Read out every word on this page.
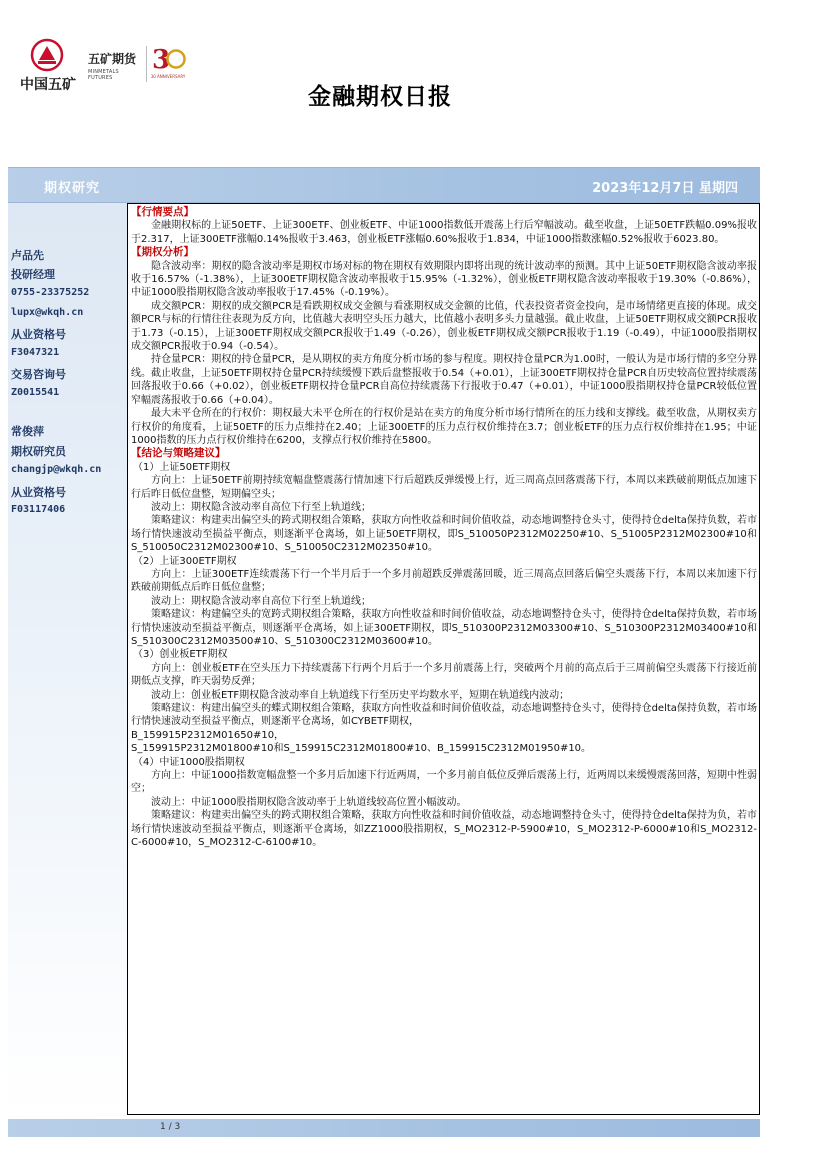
中国五矿
五矿期货
MINMETALS FUTURES
3
30 ANNIVERSARY
金融期权日报
期权研究	2023年12月7日 星期四
卢品先
投研经理
0755-23375252
lupx@wkqh.cn
从业资格号
F3047321
交易咨询号
Z0015541
常俊萍
期权研究员
changjp@wkqh.cn
从业资格号
F03117406

【行情要点】

金融期权标的上证50ETF、上证300ETF、创业板ETF、中证1000指数低开震荡上行后窄幅波动。截至收盘，上证50ETF跌幅0.09%报收于2.317，上证300ETF涨幅0.14%报收于3.463，创业板ETF涨幅0.60%报收于1.834，中证1000指数涨幅0.52%报收于6023.80。

【期权分析】

隐含波动率：期权的隐含波动率是期权市场对标的物在期权有效期限内即将出现的统计波动率的预测。其中上证50ETF期权隐含波动率报收于16.57%（-1.38%），上证300ETF期权隐含波动率报收于15.95%（-1.32%），创业板ETF期权隐含波动率报收于19.30%（-0.86%），中证1000股指期权隐含波动率报收于17.45%（-0.19%）。

成交额PCR：期权的成交额PCR是看跌期权成交金额与看涨期权成交金额的比值，代表投资者资金投向，是市场情绪更直接的体现。成交额PCR与标的行情往往表现为反方向，比值越大表明空头压力越大，比值越小表明多头力量越强。截止收盘，上证50ETF期权成交额PCR报收于1.73（-0.15），上证300ETF期权成交额PCR报收于1.49（-0.26），创业板ETF期权成交额PCR报收于1.19（-0.49），中证1000股指期权成交额PCR报收于0.94（-0.54）。

持仓量PCR：期权的持仓量PCR，是从期权的卖方角度分析市场的参与程度。期权持仓量PCR为1.00时，一般认为是市场行情的多空分界线。截止收盘，上证50ETF期权持仓量PCR持续缓慢下跌后盘整报收于0.54（+0.01），上证300ETF期权持仓量PCR自历史较高位置持续震荡回落报收于0.66（+0.02），创业板ETF期权持仓量PCR自高位持续震荡下行报收于0.47（+0.01），中证1000股指期权持仓量PCR较低位置窄幅震荡报收于0.66（+0.04）。

最大未平仓所在的行权价：期权最大未平仓所在的行权价是站在卖方的角度分析市场行情所在的压力线和支撑线。截至收盘，从期权卖方行权价的角度看，上证50ETF的压力点维持在2.40；上证300ETF的压力点行权价维持在3.7；创业板ETF的压力点行权价维持在1.95；中证1000指数的压力点行权价维持在6200，支撑点行权价维持在5800。

【结论与策略建议】

（1）上证50ETF期权

方向上：上证50ETF前期持续宽幅盘整震荡行情加速下行后超跌反弹缓慢上行，近三周高点回落震荡下行，本周以来跌破前期低点加速下行后昨日低位盘整，短期偏空头；

波动上：期权隐含波动率自高位下行至上轨道线；

策略建议：构建卖出偏空头的跨式期权组合策略，获取方向性收益和时间价值收益，动态地调整持仓头寸，使得持仓delta保持负数，若市场行情快速波动至损益平衡点，则逐渐平仓离场，如上证50ETF期权，即S_510050P2312M02250#10、S_51005P2312M02300#10和S_510050C2312M02300#10、S_510050C2312M02350#10。

（2）上证300ETF期权

方向上：上证300ETF连续震荡下行一个半月后于一个多月前超跌反弹震荡回暖，近三周高点回落后偏空头震荡下行，本周以来加速下行跌破前期低点后昨日低位盘整；

波动上：期权隐含波动率自高位下行至上轨道线；

策略建议：构建偏空头的宽跨式期权组合策略，获取方向性收益和时间价值收益，动态地调整持仓头寸，使得持仓delta保持负数，若市场行情快速波动至损益平衡点，则逐渐平仓离场，如上证300ETF期权，即S_510300P2312M03300#10、S_510300P2312M03400#10和S_510300C2312M03500#10、S_510300C2312M03600#10。

（3）创业板ETF期权

方向上：创业板ETF在空头压力下持续震荡下行两个月后于一个多月前震荡上行，突破两个月前的高点后于三周前偏空头震荡下行接近前期低点支撑，昨天弱势反弹；

波动上：创业板ETF期权隐含波动率自上轨道线下行至历史平均数水平，短期在轨道线内波动；

策略建议：构建出偏空头的蝶式期权组合策略，获取方向性收益和时间价值收益，动态地调整持仓头寸，使得持仓delta保持负数，若市场行情快速波动至损益平衡点，则逐渐平仓离场，如CYBETF期权，

B_159915P2312M01650#10，

S_159915P2312M01800#10和S_159915C2312M01800#10、B_159915C2312M01950#10。

（4）中证1000股指期权

方向上：中证1000指数宽幅盘整一个多月后加速下行近两周，一个多月前自低位反弹后震荡上行，近两周以来缓慢震荡回落，短期中性弱空；

波动上：中证1000股指期权隐含波动率于上轨道线较高位置小幅波动。

策略建议：构建卖出偏空头的跨式期权组合策略，获取方向性收益和时间价值收益，动态地调整持仓头寸，使得持仓delta保持为负，若市场行情快速波动至损益平衡点，则逐渐平仓离场，如ZZ1000股指期权，S_MO2312-P-5900#10，S_MO2312-P-6000#10和S_MO2312-C-6000#10，S_MO2312-C-6100#10。

1 / 3
